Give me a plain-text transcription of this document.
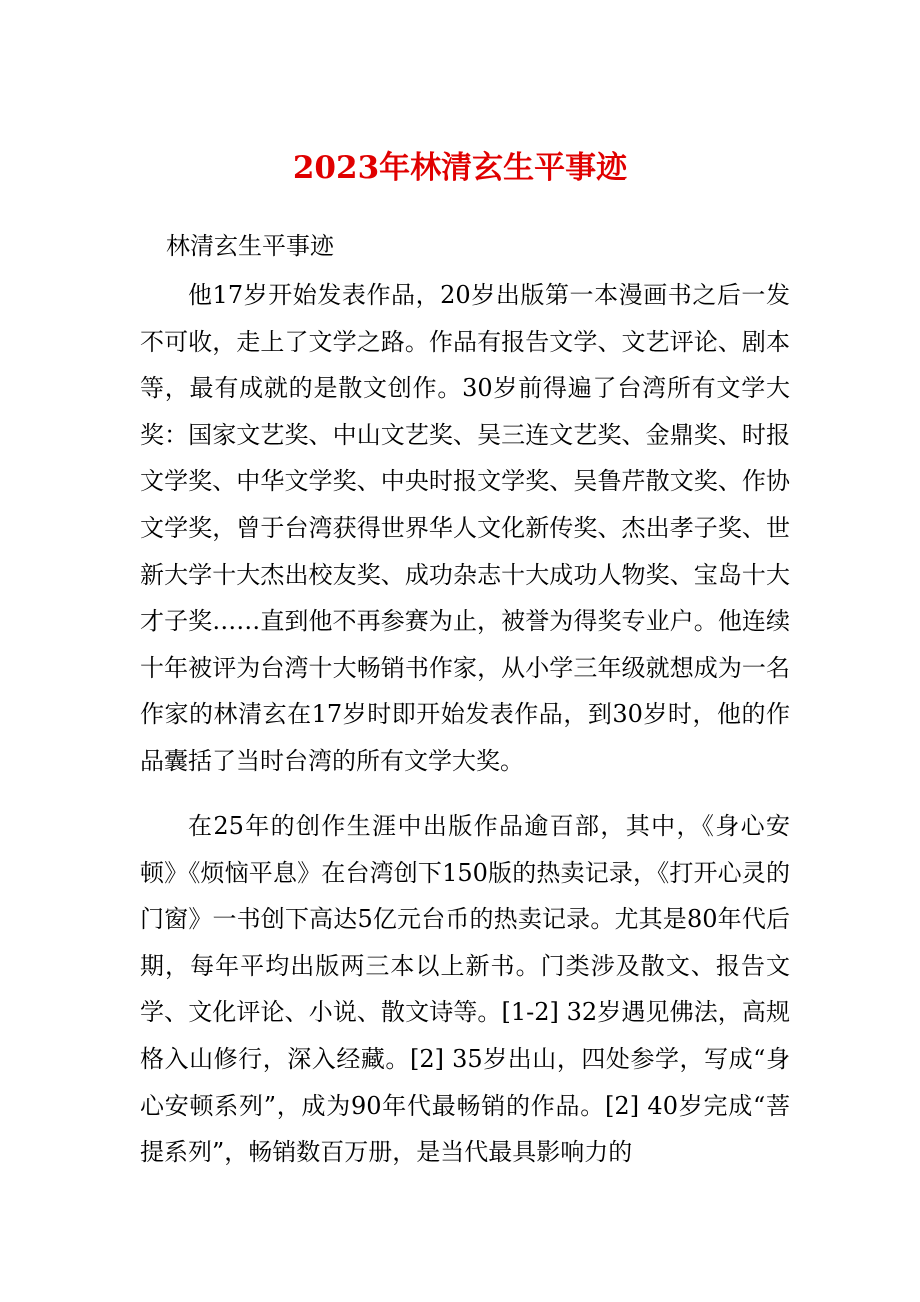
2023年林清玄生平事迹

林清玄生平事迹

他17岁开始发表作品，20岁出版第一本漫画书之后一发不可收，走上了文学之路。作品有报告文学、文艺评论、剧本等，最有成就的是散文创作。30岁前得遍了台湾所有文学大奖：国家文艺奖、中山文艺奖、吴三连文艺奖、金鼎奖、时报文学奖、中华文学奖、中央时报文学奖、吴鲁芹散文奖、作协文学奖，曾于台湾获得世界华人文化新传奖、杰出孝子奖、世新大学十大杰出校友奖、成功杂志十大成功人物奖、宝岛十大才子奖……直到他不再参赛为止，被誉为得奖专业户。他连续十年被评为台湾十大畅销书作家，从小学三年级就想成为一名作家的林清玄在17岁时即开始发表作品，到30岁时，他的作品囊括了当时台湾的所有文学大奖。

在25年的创作生涯中出版作品逾百部，其中，《身心安顿》《烦恼平息》在台湾创下150版的热卖记录，《打开心灵的门窗》一书创下高达5亿元台币的热卖记录。尤其是80年代后期，每年平均出版两三本以上新书。门类涉及散文、报告文学、文化评论、小说、散文诗等。[1-2] 32岁遇见佛法，高规格入山修行，深入经藏。[2] 35岁出山，四处参学，写成“身心安顿系列”，成为90年代最畅销的作品。[2] 40岁完成“菩提系列”，畅销数百万册，是当代最具影响力的
